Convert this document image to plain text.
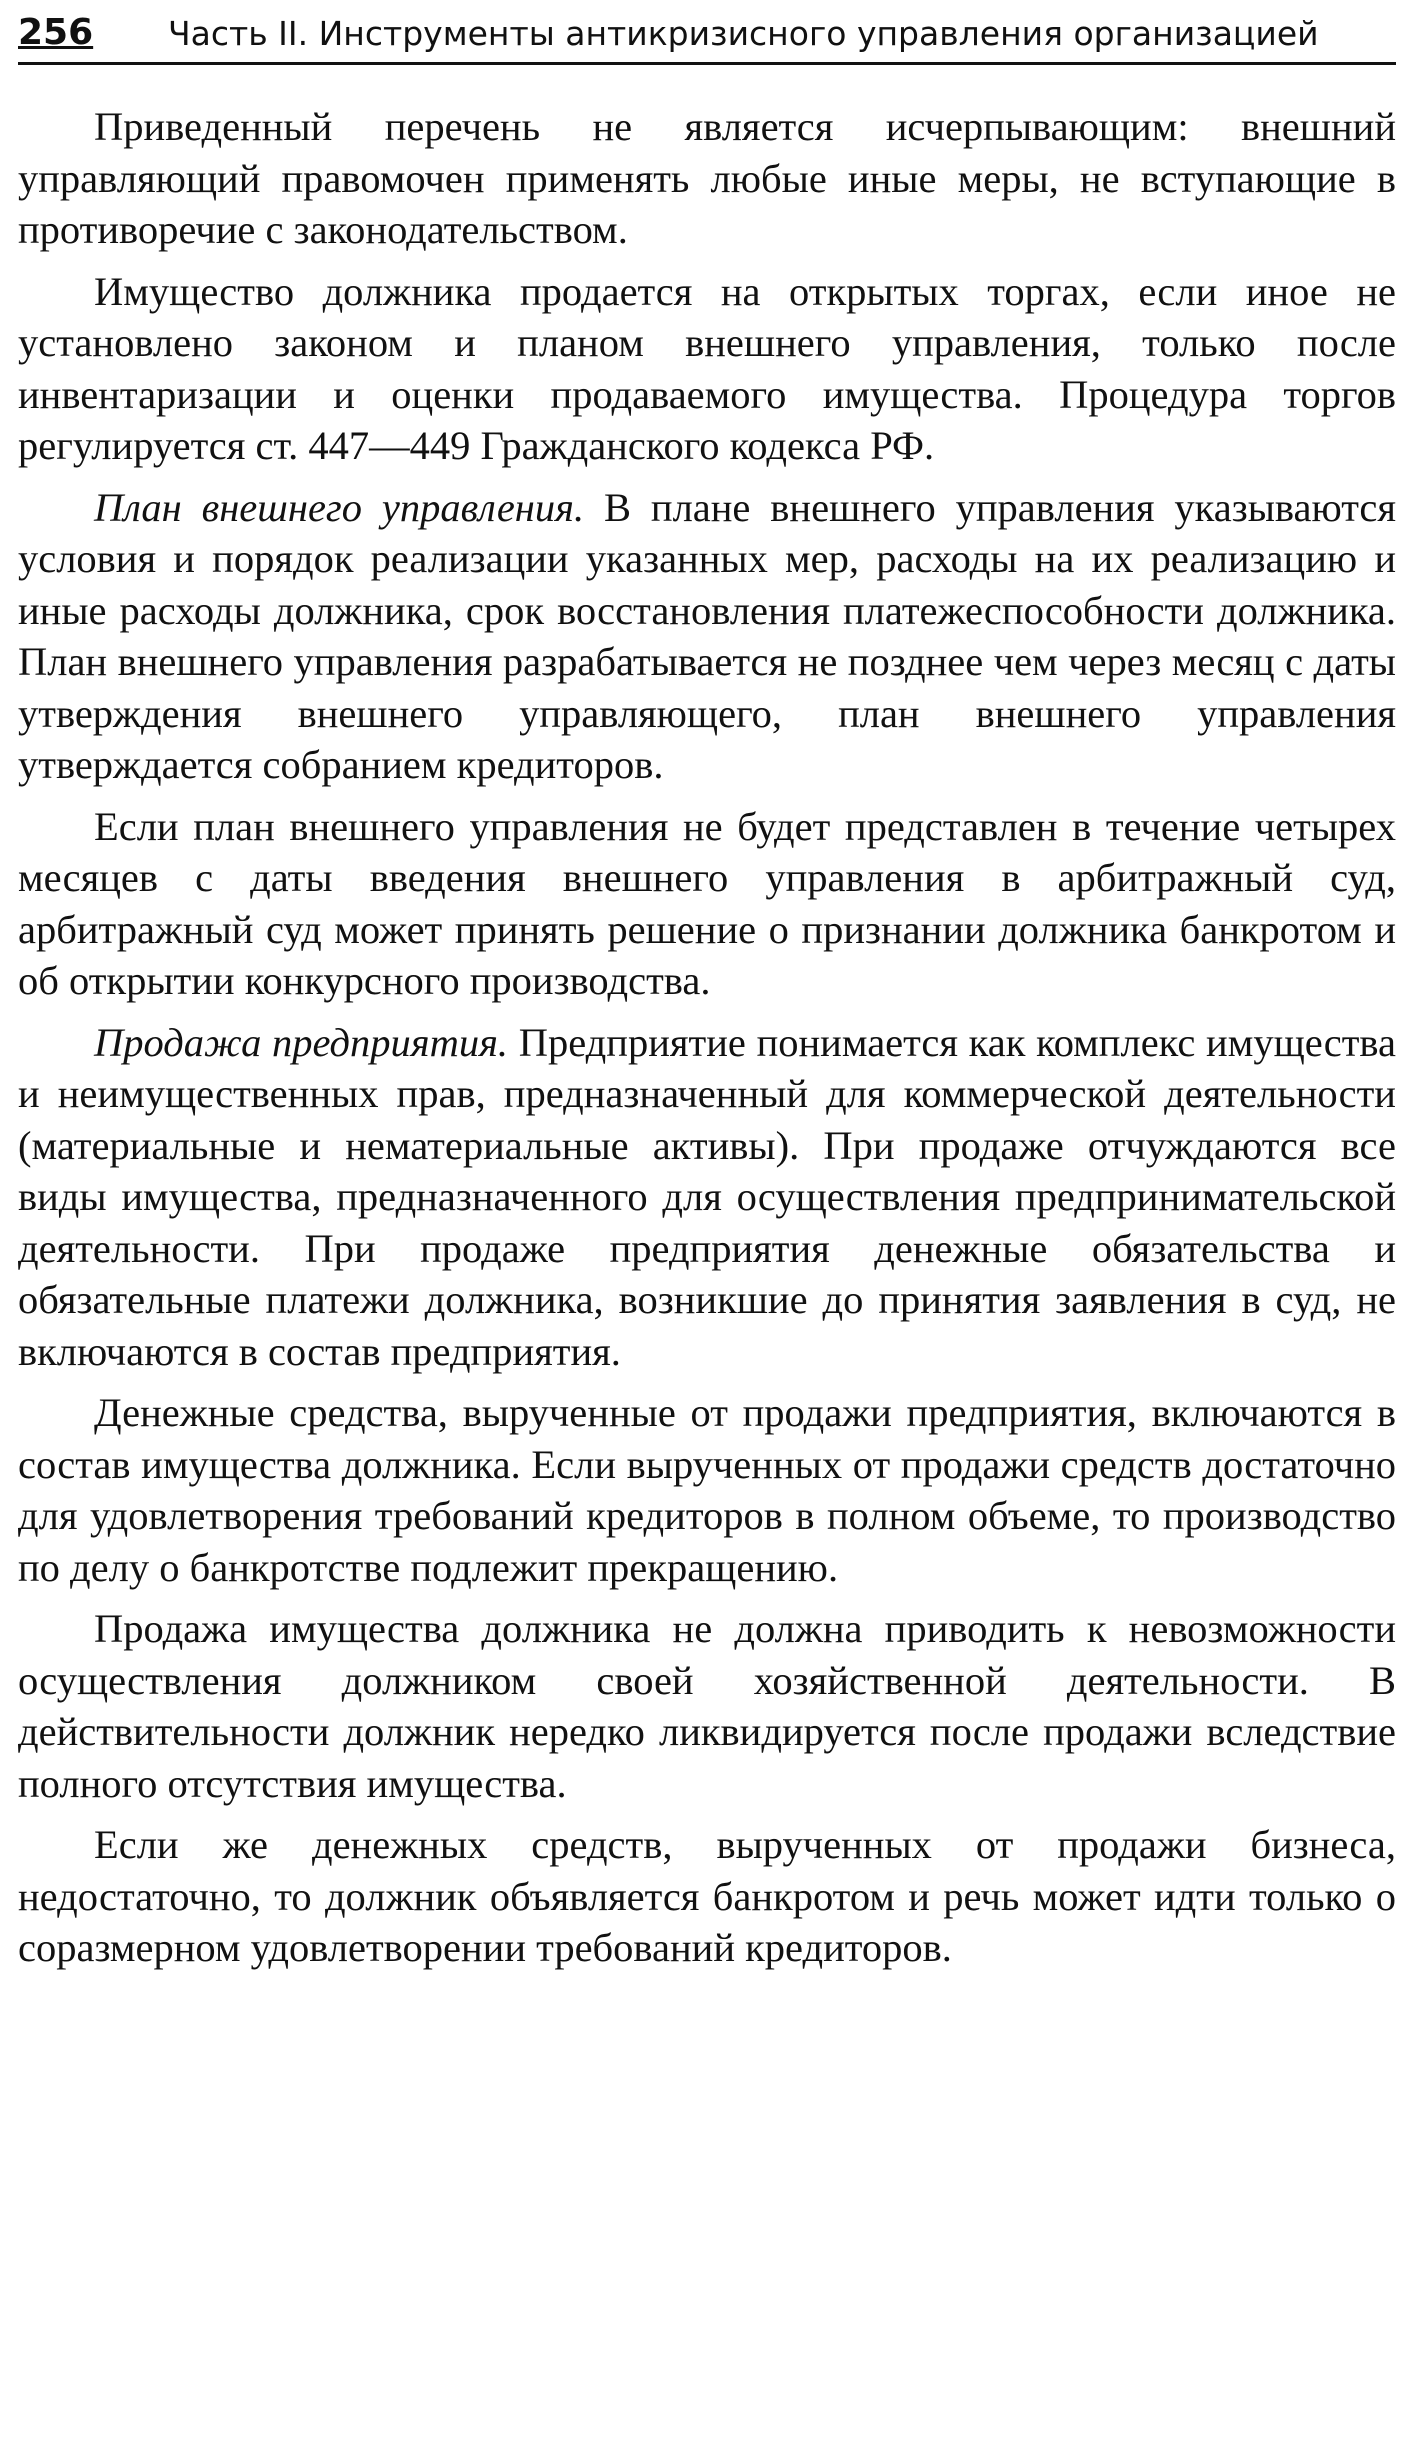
256 Часть II. Инструменты антикризисного управления организацией

Приведенный перечень не является исчерпывающим: внешний управляющий правомочен применять любые иные меры, не вступающие в противоречие с законодательством.

Имущество должника продается на открытых торгах, если иное не установлено законом и планом внешнего управления, только после инвентаризации и оценки продаваемого имущества. Процедура торгов регулируется ст. 447—449 Гражданского кодекса РФ.

План внешнего управления. В плане внешнего управления указываются условия и порядок реализации указанных мер, расходы на их реализацию и иные расходы должника, срок восстановления платежеспособности должника. План внешнего управления разрабатывается не позднее чем через месяц с даты утверждения внешнего управляющего, план внешнего управления утверждается собранием кредиторов.

Если план внешнего управления не будет представлен в течение четырех месяцев с даты введения внешнего управления в арбитражный суд, арбитражный суд может принять решение о признании должника банкротом и об открытии конкурсного производства.

Продажа предприятия. Предприятие понимается как комплекс имущества и неимущественных прав, предназначенный для коммерческой деятельности (материальные и нематериальные активы). При продаже отчуждаются все виды имущества, предназначенного для осуществления предпринимательской деятельности. При продаже предприятия денежные обязательства и обязательные платежи должника, возникшие до принятия заявления в суд, не включаются в состав предприятия.

Денежные средства, вырученные от продажи предприятия, включаются в состав имущества должника. Если вырученных от продажи средств достаточно для удовлетворения требований кредиторов в полном объеме, то производство по делу о банкротстве подлежит прекращению.

Продажа имущества должника не должна приводить к невозможности осуществления должником своей хозяйственной деятельности. В действительности должник нередко ликвидируется после продажи вследствие полного отсутствия имущества.

Если же денежных средств, вырученных от продажи бизнеса, недостаточно, то должник объявляется банкротом и речь может идти только о соразмерном удовлетворении требований кредиторов.
